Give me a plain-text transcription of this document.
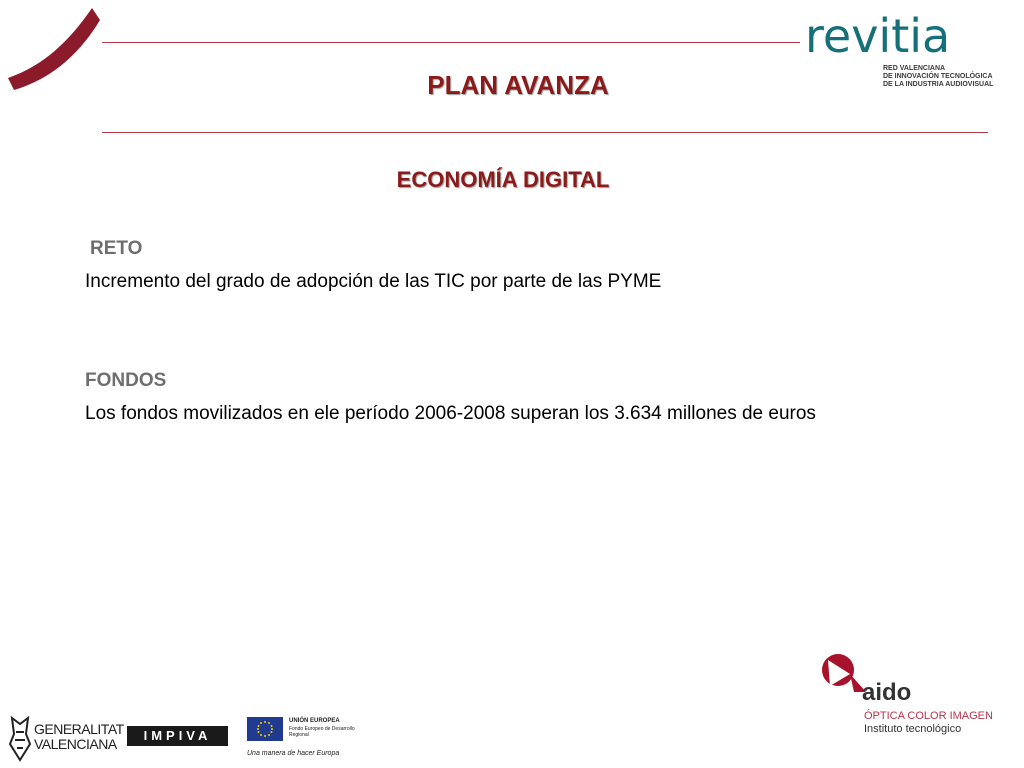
revitia
RED VALENCIANA
DE INNOVACIÓN TECNOLÓGICA
DE LA INDUSTRIA AUDIOVISUAL
PLAN AVANZA
ECONOMÍA DIGITAL
RETO
Incremento del grado de adopción de las TIC por parte de las PYME
FONDOS
Los fondos movilizados en ele período 2006-2008 superan los 3.634 millones de euros
aido
ÓPTICA COLOR IMAGEN
Instituto tecnológico
GENERALITAT
VALENCIANA
IMPIVA
UNIÓN EUROPEA
Fondo Europeo de Desarrollo Regional
Una manera de hacer Europa
